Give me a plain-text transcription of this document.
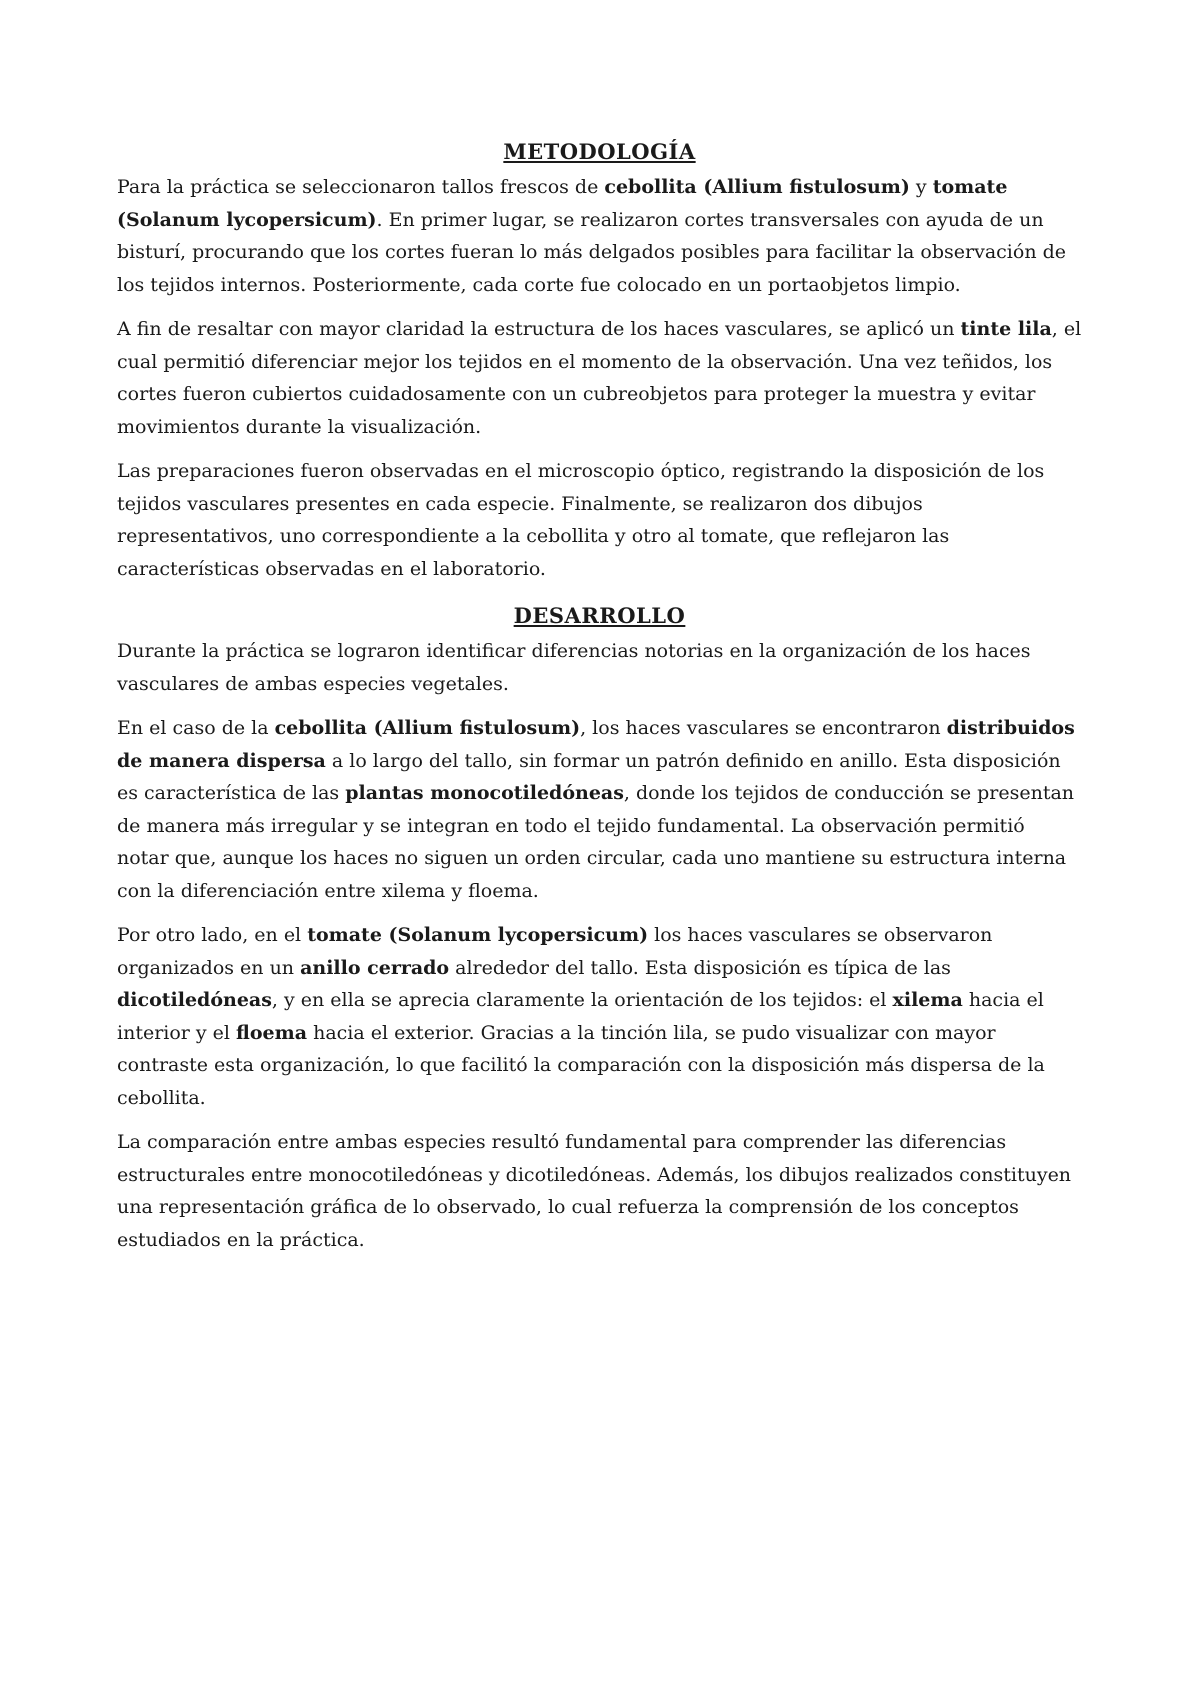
METODOLOGÍA

Para la práctica se seleccionaron tallos frescos de cebollita (Allium fistulosum) y tomate (Solanum lycopersicum). En primer lugar, se realizaron cortes transversales con ayuda de un bisturí, procurando que los cortes fueran lo más delgados posibles para facilitar la observación de los tejidos internos. Posteriormente, cada corte fue colocado en un portaobjetos limpio.

A fin de resaltar con mayor claridad la estructura de los haces vasculares, se aplicó un tinte lila, el cual permitió diferenciar mejor los tejidos en el momento de la observación. Una vez teñidos, los cortes fueron cubiertos cuidadosamente con un cubreobjetos para proteger la muestra y evitar movimientos durante la visualización.

Las preparaciones fueron observadas en el microscopio óptico, registrando la disposición de los tejidos vasculares presentes en cada especie. Finalmente, se realizaron dos dibujos representativos, uno correspondiente a la cebollita y otro al tomate, que reflejaron las características observadas en el laboratorio.

DESARROLLO

Durante la práctica se lograron identificar diferencias notorias en la organización de los haces vasculares de ambas especies vegetales.

En el caso de la cebollita (Allium fistulosum), los haces vasculares se encontraron distribuidos de manera dispersa a lo largo del tallo, sin formar un patrón definido en anillo. Esta disposición es característica de las plantas monocotiledóneas, donde los tejidos de conducción se presentan de manera más irregular y se integran en todo el tejido fundamental. La observación permitió notar que, aunque los haces no siguen un orden circular, cada uno mantiene su estructura interna con la diferenciación entre xilema y floema.

Por otro lado, en el tomate (Solanum lycopersicum) los haces vasculares se observaron organizados en un anillo cerrado alrededor del tallo. Esta disposición es típica de las dicotiledóneas, y en ella se aprecia claramente la orientación de los tejidos: el xilema hacia el interior y el floema hacia el exterior. Gracias a la tinción lila, se pudo visualizar con mayor contraste esta organización, lo que facilitó la comparación con la disposición más dispersa de la cebollita.

La comparación entre ambas especies resultó fundamental para comprender las diferencias estructurales entre monocotiledóneas y dicotiledóneas. Además, los dibujos realizados constituyen una representación gráfica de lo observado, lo cual refuerza la comprensión de los conceptos estudiados en la práctica.
